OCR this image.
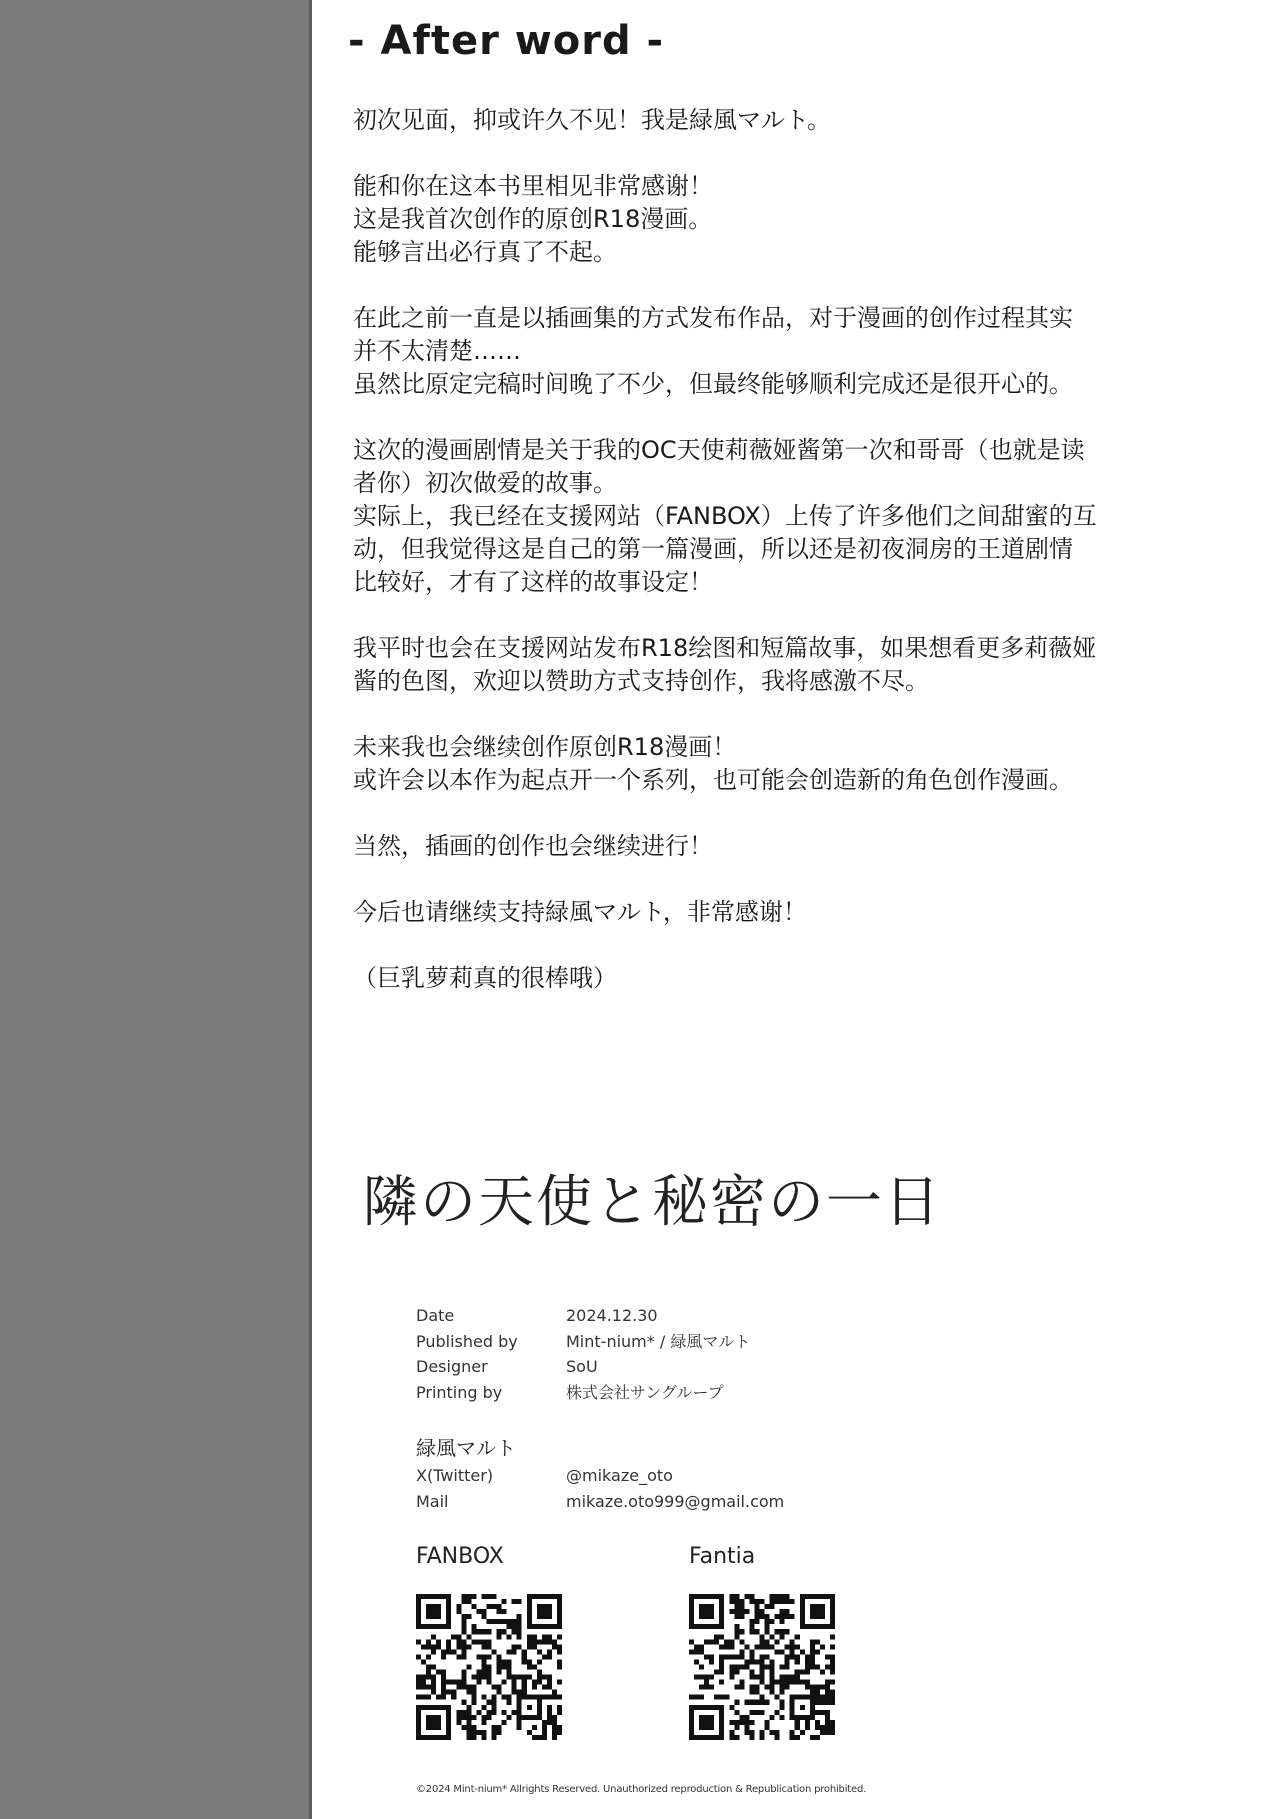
- After word -

初次见面，抑或许久不见！我是緑風マルト。

能和你在这本书里相见非常感谢！
这是我首次创作的原创R18漫画。
能够言出必行真了不起。

在此之前一直是以插画集的方式发布作品，对于漫画的创作过程其实
并不太清楚……
虽然比原定完稿时间晚了不少，但最终能够顺利完成还是很开心的。

这次的漫画剧情是关于我的OC天使莉薇娅酱第一次和哥哥（也就是读
者你）初次做爱的故事。
实际上，我已经在支援网站（FANBOX）上传了许多他们之间甜蜜的互
动，但我觉得这是自己的第一篇漫画，所以还是初夜洞房的王道剧情
比较好，才有了这样的故事设定！

我平时也会在支援网站发布R18绘图和短篇故事，如果想看更多莉薇娅
酱的色图，欢迎以赞助方式支持创作，我将感激不尽。

未来我也会继续创作原创R18漫画！
或许会以本作为起点开一个系列，也可能会创造新的角色创作漫画。

当然，插画的创作也会继续进行！

今后也请继续支持緑風マルト，非常感谢！

（巨乳萝莉真的很棒哦）

隣の天使と秘密の一日
Date	2024.12.30
Published by	Mint-nium* / 緑風マルト
Designer	SoU
Printing by	株式会社サングループ
緑風マルト
X(Twitter)	@mikaze_oto
Mail	mikaze.oto999@gmail.com
FANBOX	Fantia
©2024 Mint-nium* Allrights Reserved. Unauthorized reproduction & Republication prohibited.
